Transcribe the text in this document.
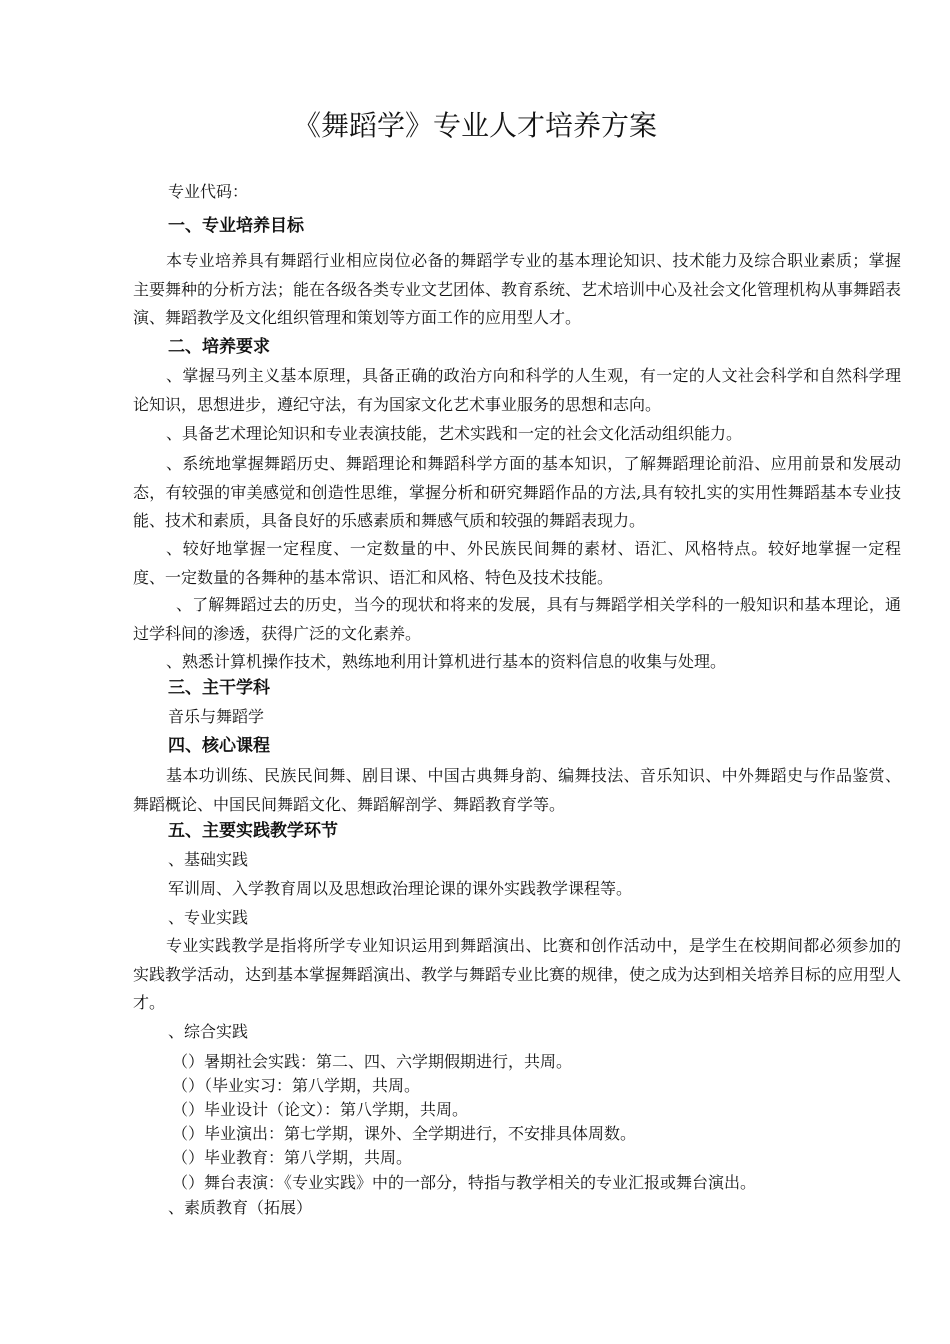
《舞蹈学》专业人才培养方案
专业代码：
一、专业培养目标
本专业培养具有舞蹈行业相应岗位必备的舞蹈学专业的基本理论知识、技术能力及综合职业素质；掌握主要舞种的分析方法；能在各级各类专业文艺团体、教育系统、艺术培训中心及社会文化管理机构从事舞蹈表演、舞蹈教学及文化组织管理和策划等方面工作的应用型人才。
二、培养要求
、掌握马列主义基本原理，具备正确的政治方向和科学的人生观，有一定的人文社会科学和自然科学理论知识，思想进步，遵纪守法，有为国家文化艺术事业服务的思想和志向。
、具备艺术理论知识和专业表演技能，艺术实践和一定的社会文化活动组织能力。
、系统地掌握舞蹈历史、舞蹈理论和舞蹈科学方面的基本知识，了解舞蹈理论前沿、应用前景和发展动态，有较强的审美感觉和创造性思维，掌握分析和研究舞蹈作品的方法,具有较扎实的实用性舞蹈基本专业技能、技术和素质，具备良好的乐感素质和舞感气质和较强的舞蹈表现力。
、较好地掌握一定程度、一定数量的中、外民族民间舞的素材、语汇、风格特点。较好地掌握一定程度、一定数量的各舞种的基本常识、语汇和风格、特色及技术技能。
、了解舞蹈过去的历史，当今的现状和将来的发展，具有与舞蹈学相关学科的一般知识和基本理论，通过学科间的渗透，获得广泛的文化素养。
、熟悉计算机操作技术，熟练地利用计算机进行基本的资料信息的收集与处理。
三、主干学科
音乐与舞蹈学
四、核心课程
基本功训练、民族民间舞、剧目课、中国古典舞身韵、编舞技法、音乐知识、中外舞蹈史与作品鉴赏、舞蹈概论、中国民间舞蹈文化、舞蹈解剖学、舞蹈教育学等。
五、主要实践教学环节
、基础实践
军训周、入学教育周以及思想政治理论课的课外实践教学课程等。
、专业实践
专业实践教学是指将所学专业知识运用到舞蹈演出、比赛和创作活动中，是学生在校期间都必须参加的实践教学活动，达到基本掌握舞蹈演出、教学与舞蹈专业比赛的规律，使之成为达到相关培养目标的应用型人才。
、综合实践
（）暑期社会实践：第二、四、六学期假期进行，共周。
（）（毕业实习：第八学期，共周。
（）毕业设计（论文）：第八学期，共周。
（）毕业演出：第七学期，课外、全学期进行，不安排具体周数。
（）毕业教育：第八学期，共周。
（）舞台表演：《专业实践》中的一部分，特指与教学相关的专业汇报或舞台演出。
、素质教育（拓展）
